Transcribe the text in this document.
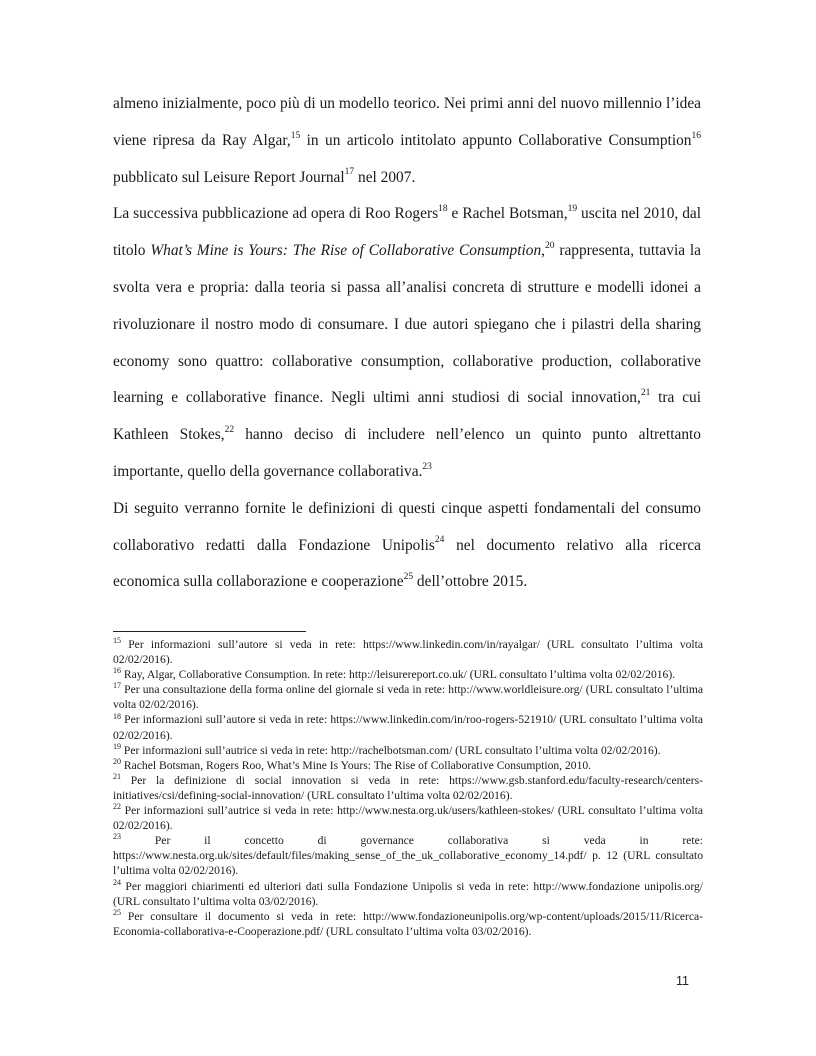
almeno inizialmente, poco più di un modello teorico. Nei primi anni del nuovo millennio l’idea viene ripresa da Ray Algar,$^{15}$ in un articolo intitolato appunto Collaborative Consumption$^{16}$ pubblicato sul Leisure Report Journal$^{17}$ nel 2007.

La successiva pubblicazione ad opera di Roo Rogers$^{18}$ e Rachel Botsman,$^{19}$ uscita nel 2010, dal titolo What’s Mine is Yours: The Rise of Collaborative Consumption,$^{20}$ rappresenta, tuttavia la svolta vera e propria: dalla teoria si passa all’analisi concreta di strutture e modelli idonei a rivoluzionare il nostro modo di consumare. I due autori spiegano che i pilastri della sharing economy sono quattro: collaborative consumption, collaborative production, collaborative learning e collaborative finance. Negli ultimi anni studiosi di social innovation,$^{21}$ tra cui Kathleen Stokes,$^{22}$ hanno deciso di includere nell’elenco un quinto punto altrettanto importante, quello della governance collaborativa.$^{23}$

Di seguito verranno fornite le definizioni di questi cinque aspetti fondamentali del consumo collaborativo redatti dalla Fondazione Unipolis$^{24}$ nel documento relativo alla ricerca economica sulla collaborazione e cooperazione$^{25}$ dell’ottobre 2015.

$^{15}$ Per informazioni sull’autore si veda in rete: https://www.linkedin.com/in/rayalgar/ (URL consultato l’ultima volta 02/02/2016).

$^{16}$ Ray, Algar, Collaborative Consumption. In rete: http://leisurereport.co.uk/ (URL consultato l’ultima volta 02/02/2016).

$^{17}$ Per una consultazione della forma online del giornale si veda in rete: http://www.worldleisure.org/ (URL consultato l’ultima volta 02/02/2016).

$^{18}$ Per informazioni sull’autore si veda in rete: https://www.linkedin.com/in/roo-rogers-521910/ (URL consultato l’ultima volta 02/02/2016).

$^{19}$ Per informazioni sull’autrice si veda in rete: http://rachelbotsman.com/ (URL consultato l’ultima volta 02/02/2016).

$^{20}$ Rachel Botsman, Rogers Roo, What’s Mine Is Yours: The Rise of Collaborative Consumption, 2010.

$^{21}$ Per la definizione di social innovation si veda in rete: https://www.gsb.stanford.edu/faculty-research/centers-initiatives/csi/defining-social-innovation/ (URL consultato l’ultima volta 02/02/2016).

$^{22}$ Per informazioni sull’autrice si veda in rete: http://www.nesta.org.uk/users/kathleen-stokes/ (URL consultato l’ultima volta 02/02/2016).

$^{23}$ Per il concetto di governance collaborativa si veda in rete: https://www.nesta.org.uk/sites/default/files/making_sense_of_the_uk_collaborative_economy_14.pdf/ p. 12 (URL consultato l’ultima volta 02/02/2016).

$^{24}$ Per maggiori chiarimenti ed ulteriori dati sulla Fondazione Unipolis si veda in rete: http://www.fondazione unipolis.org/ (URL consultato l’ultima volta 03/02/2016).

$^{25}$ Per consultare il documento si veda in rete: http://www.fondazioneunipolis.org/wp-content/uploads/2015/11/Ricerca-Economia-collaborativa-e-Cooperazione.pdf/ (URL consultato l’ultima volta 03/02/2016).

11
